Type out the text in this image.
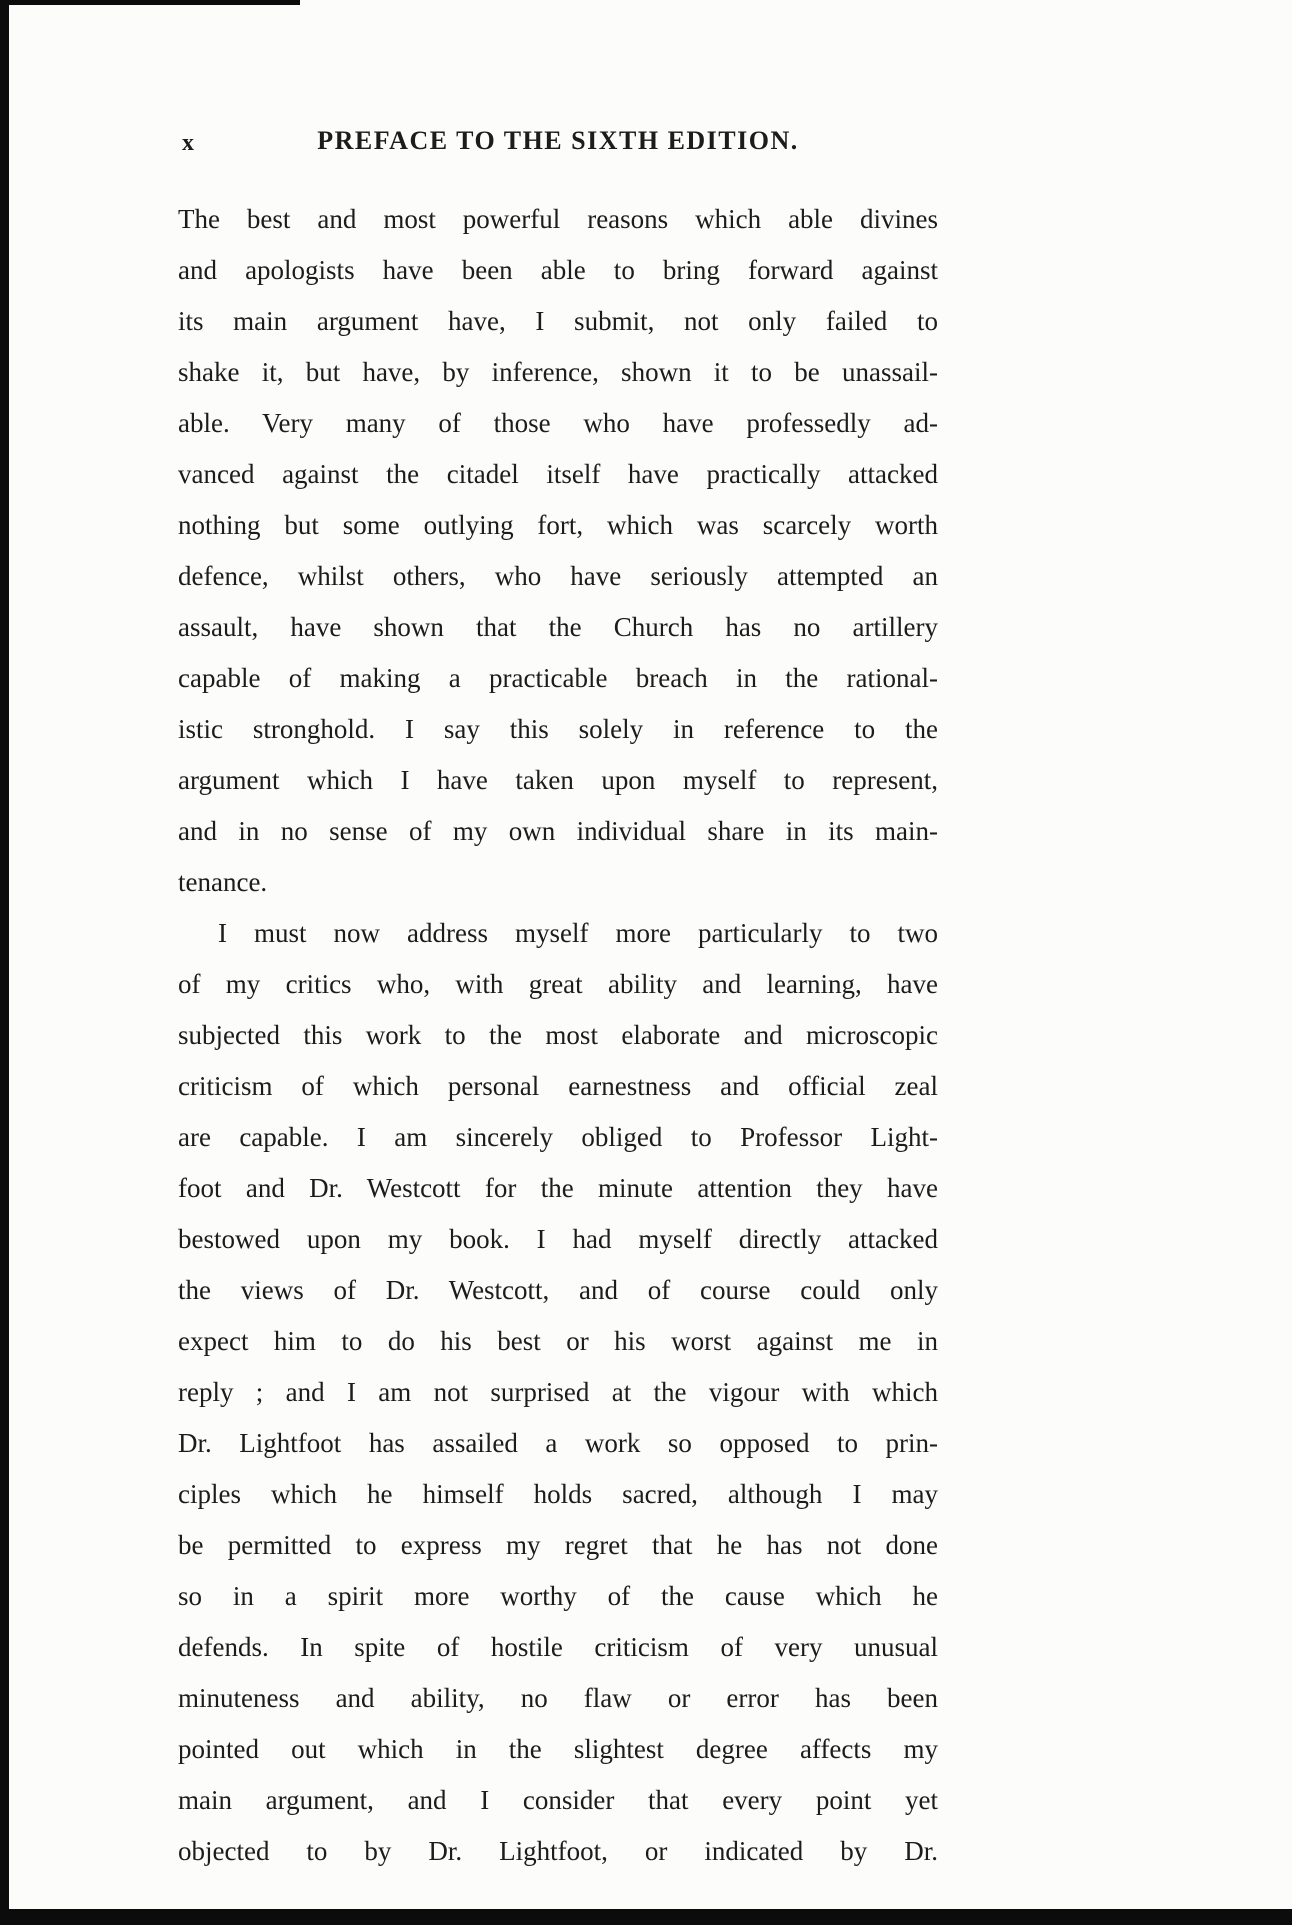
x	PREFACE TO THE SIXTH EDITION.
The best and most powerful reasons which able divines
and apologists have been able to bring forward against
its main argument have, I submit, not only failed to
shake it, but have, by inference, shown it to be unassail-
able. Very many of those who have professedly ad-
vanced against the citadel itself have practically attacked
nothing but some outlying fort, which was scarcely worth
defence, whilst others, who have seriously attempted an
assault, have shown that the Church has no artillery
capable of making a practicable breach in the rational-
istic stronghold. I say this solely in reference to the
argument which I have taken upon myself to represent,
and in no sense of my own individual share in its main-
tenance.
I must now address myself more particularly to two
of my critics who, with great ability and learning, have
subjected this work to the most elaborate and microscopic
criticism of which personal earnestness and official zeal
are capable. I am sincerely obliged to Professor Light-
foot and Dr. Westcott for the minute attention they have
bestowed upon my book. I had myself directly attacked
the views of Dr. Westcott, and of course could only
expect him to do his best or his worst against me in
reply ; and I am not surprised at the vigour with which
Dr. Lightfoot has assailed a work so opposed to prin-
ciples which he himself holds sacred, although I may
be permitted to express my regret that he has not done
so in a spirit more worthy of the cause which he
defends. In spite of hostile criticism of very unusual
minuteness and ability, no flaw or error has been
pointed out which in the slightest degree affects my
main argument, and I consider that every point yet
objected to by Dr. Lightfoot, or indicated by Dr.
